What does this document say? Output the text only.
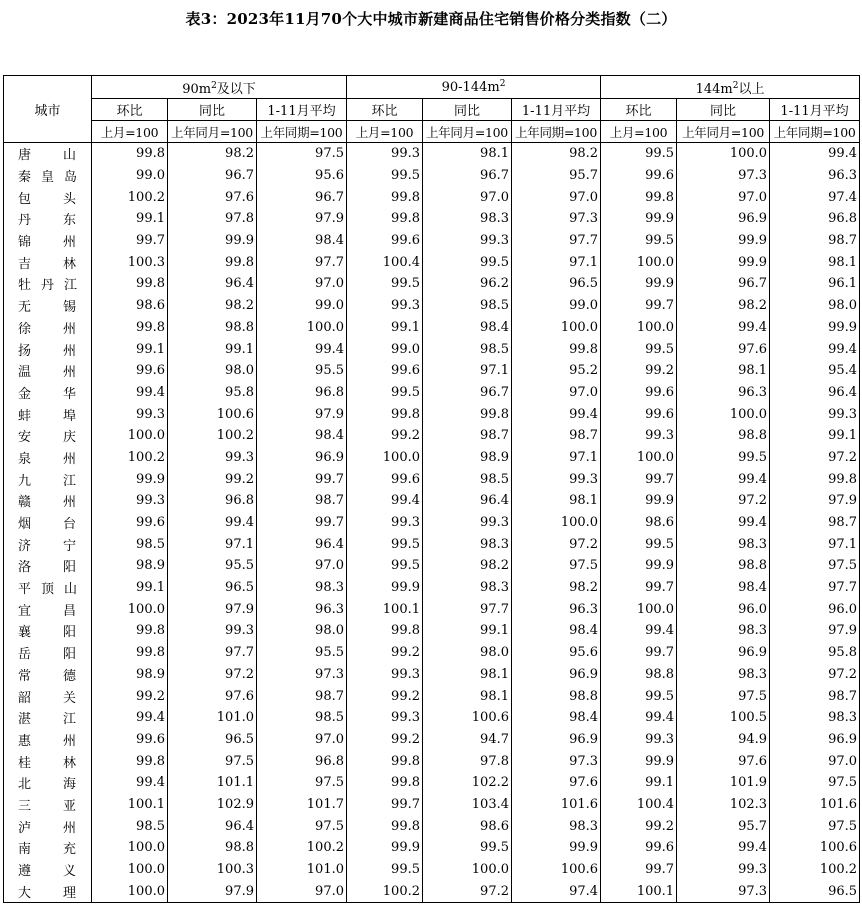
表3：2023年11月70个大中城市新建商品住宅销售价格分类指数（二）
城市	$90m^2$及以下			$90-144m^2$			$144m^2$以上		
	环比	同比	1-11月平均	环比	同比	1-11月平均	环比	同比	1-11月平均
	上月=100	上年同月=100	上年同期=100	上月=100	上年同月=100	上年同期=100	上月=100	上年同月=100	上年同期=100
唐 山	99.8	98.2	97.5	99.3	98.1	98.2	99.5	100.0	99.4
秦 皇 岛	99.0	96.7	95.6	99.5	96.7	95.7	99.6	97.3	96.3
包 头	100.2	97.6	96.7	99.8	97.0	97.0	99.8	97.0	97.4
丹 东	99.1	97.8	97.9	99.8	98.3	97.3	99.9	96.9	96.8
锦 州	99.7	99.9	98.4	99.6	99.3	97.7	99.5	99.9	98.7
吉 林	100.3	99.8	97.7	100.4	99.5	97.1	100.0	99.9	98.1
牡 丹 江	99.8	96.4	97.0	99.5	96.2	96.5	99.9	96.7	96.1
无 锡	98.6	98.2	99.0	99.3	98.5	99.0	99.7	98.2	98.0
徐 州	99.8	98.8	100.0	99.1	98.4	100.0	100.0	99.4	99.9
扬 州	99.1	99.1	99.4	99.0	98.5	99.8	99.5	97.6	99.4
温 州	99.6	98.0	95.5	99.6	97.1	95.2	99.2	98.1	95.4
金 华	99.4	95.8	96.8	99.5	96.7	97.0	99.6	96.3	96.4
蚌 埠	99.3	100.6	97.9	99.8	99.8	99.4	99.6	100.0	99.3
安 庆	100.0	100.2	98.4	99.2	98.7	98.7	99.3	98.8	99.1
泉 州	100.2	99.3	96.9	100.0	98.9	97.1	100.0	99.5	97.2
九 江	99.9	99.2	99.7	99.6	98.5	99.3	99.7	99.4	99.8
赣 州	99.3	96.8	98.7	99.4	96.4	98.1	99.9	97.2	97.9
烟 台	99.6	99.4	99.7	99.3	99.3	100.0	98.6	99.4	98.7
济 宁	98.5	97.1	96.4	99.5	98.3	97.2	99.5	98.3	97.1
洛 阳	98.9	95.5	97.0	99.5	98.2	97.5	99.9	98.8	97.5
平 顶 山	99.1	96.5	98.3	99.9	98.3	98.2	99.7	98.4	97.7
宜 昌	100.0	97.9	96.3	100.1	97.7	96.3	100.0	96.0	96.0
襄 阳	99.8	99.3	98.0	99.8	99.1	98.4	99.4	98.3	97.9
岳 阳	99.8	97.7	95.5	99.2	98.0	95.6	99.7	96.9	95.8
常 德	98.9	97.2	97.3	99.3	98.1	96.9	98.8	98.3	97.2
韶 关	99.2	97.6	98.7	99.2	98.1	98.8	99.5	97.5	98.7
湛 江	99.4	101.0	98.5	99.3	100.6	98.4	99.4	100.5	98.3
惠 州	99.6	96.5	97.0	99.2	94.7	96.9	99.3	94.9	96.9
桂 林	99.8	97.5	96.8	99.8	97.8	97.3	99.9	97.6	97.0
北 海	99.4	101.1	97.5	99.8	102.2	97.6	99.1	101.9	97.5
三 亚	100.1	102.9	101.7	99.7	103.4	101.6	100.4	102.3	101.6
泸 州	98.5	96.4	97.5	99.8	98.6	98.3	99.2	95.7	97.5
南 充	100.0	98.8	100.2	99.9	99.5	99.9	99.6	99.4	100.6
遵 义	100.0	100.3	101.0	99.5	100.0	100.6	99.7	99.3	100.2
大 理	100.0	97.9	97.0	100.2	97.2	97.4	100.1	97.3	96.5
